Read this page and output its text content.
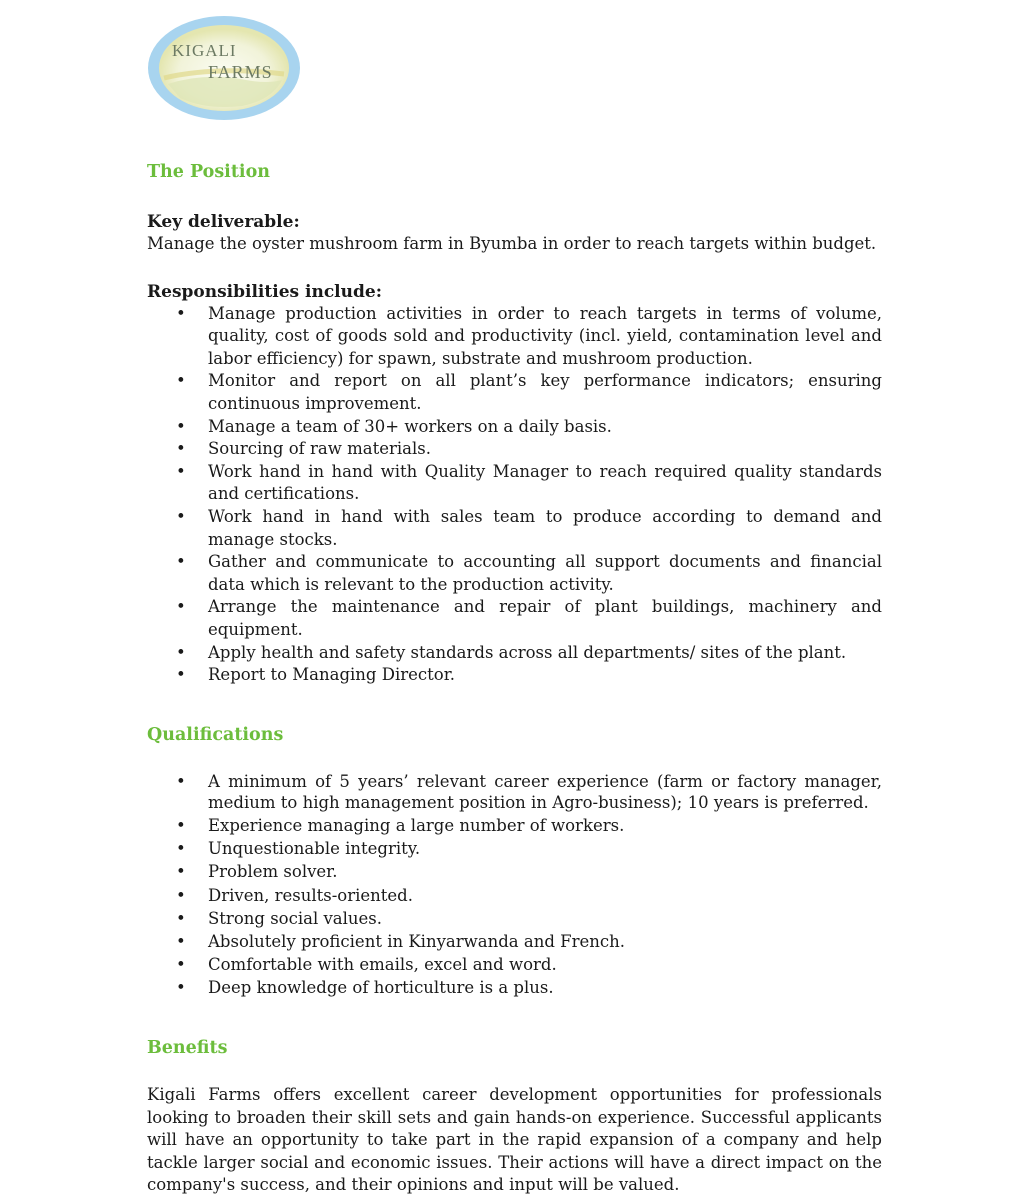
KIGALI
FARMS
The Position
Key deliverable:

Manage the oyster mushroom farm in Byumba in order to reach targets within budget.

Responsibilities include:
• Manage production activities in order to reach targets in terms of volume, quality, cost of goods sold and productivity (incl. yield, contamination level and labor efficiency) for spawn, substrate and mushroom production.
• Monitor and report on all plant’s key performance indicators; ensuring continuous improvement.
• Manage a team of 30+ workers on a daily basis.
• Sourcing of raw materials.
• Work hand in hand with Quality Manager to reach required quality standards and certifications.
• Work hand in hand with sales team to produce according to demand and manage stocks.
• Gather and communicate to accounting all support documents and financial data which is relevant to the production activity.
• Arrange the maintenance and repair of plant buildings, machinery and equipment.
• Apply health and safety standards across all departments/ sites of the plant.
• Report to Managing Director.
Qualifications
• A minimum of 5 years’ relevant career experience (farm or factory manager, medium to high management position in Agro-business); 10 years is preferred.
• Experience managing a large number of workers.
• Unquestionable integrity.
• Problem solver.
• Driven, results-oriented.
• Strong social values.
• Absolutely proficient in Kinyarwanda and French.
• Comfortable with emails, excel and word.
• Deep knowledge of horticulture is a plus.
Benefits

Kigali Farms offers excellent career development opportunities for professionals looking to broaden their skill sets and gain hands-on experience. Successful applicants will have an opportunity to take part in the rapid expansion of a company and help tackle larger social and economic issues. Their actions will have a direct impact on the company's success, and their opinions and input will be valued.
